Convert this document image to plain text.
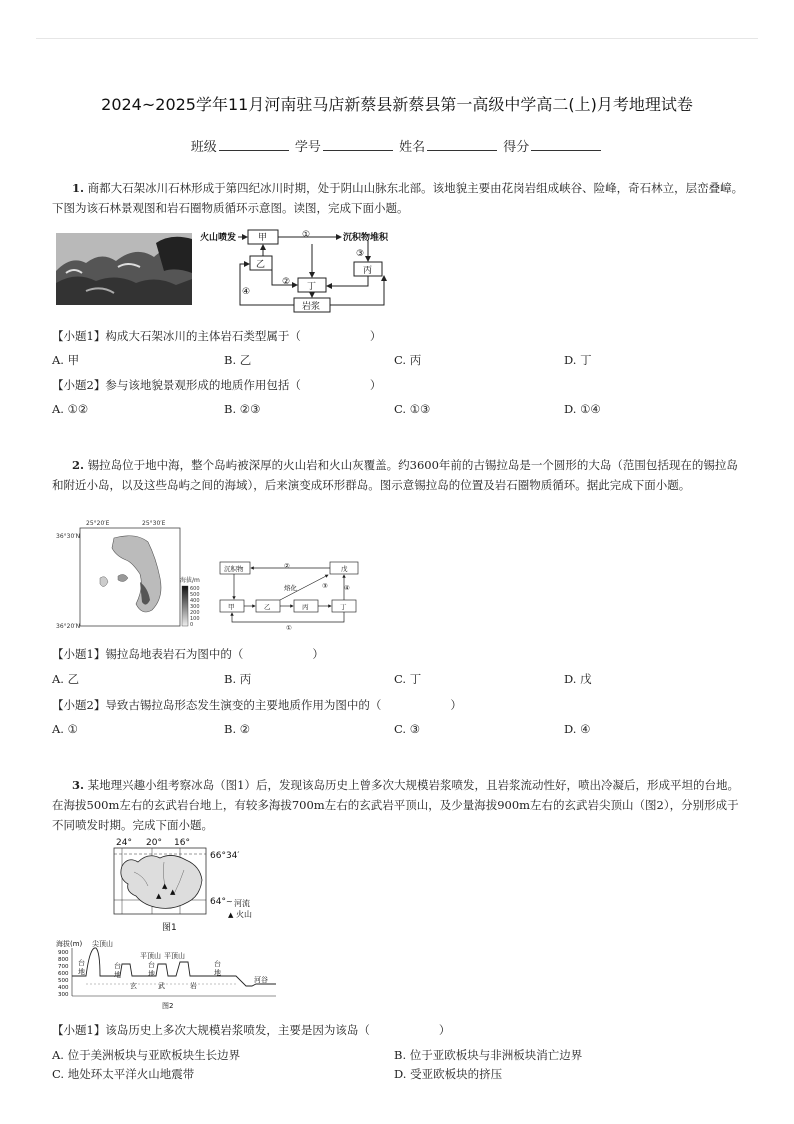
2024~2025学年11月河南驻马店新蔡县新蔡县第一高级中学高二(上)月考地理试卷
班级	学号	姓名	得分
1. 商都大石架冰川石林形成于第四纪冰川时期，处于阴山山脉东北部。该地貌主要由花岗岩组成峡谷、险峰，奇石林立，层峦叠嶂。下图为该石林景观图和岩石圈物质循环示意图。读图，完成下面小题。
火山喷发 甲	沉积物堆积
乙
丙
丁
岩浆
①
②
③
④
【小题1】构成大石架冰川的主体岩石类型属于（　　　　　　）
A. 甲	B. 乙	C. 丙	D. 丁
【小题2】参与该地貌景观形成的地质作用包括（　　　　　　）
A. ①②	B. ②③	C. ①③	D. ①④
2. 锡拉岛位于地中海，整个岛屿被深厚的火山岩和火山灰覆盖。约3600年前的古锡拉岛是一个圆形的大岛（范围包括现在的锡拉岛和附近小岛，以及这些岛屿之间的海域），后来演变成环形群岛。图示意锡拉岛的位置及岩石圈物质循环。据此完成下面小题。
25°20′E	25°30′E
36°30′N
36°20′N
海拔/m
600
500
400
300
200
100
0
沉积物	戊
甲	乙	丙	丁
熔化
②
③
①
④
【小题1】锡拉岛地表岩石为图中的（　　　　　　）
A. 乙	B. 丙	C. 丁	D. 戊
【小题2】导致古锡拉岛形态发生演变的主要地质作用为图中的（　　　　　　）
A. ①	B. ②	C. ③	D. ④
3. 某地理兴趣小组考察冰岛（图1）后，发现该岛历史上曾多次大规模岩浆喷发，且岩浆流动性好，喷出冷凝后，形成平坦的台地。在海拔500m左右的玄武岩台地上，有较多海拔700m左右的玄武岩平顶山，及少量海拔900m左右的玄武岩尖顶山（图2），分别形成于不同喷发时期。完成下面小题。
24° 20° 16°
66°34′
64°
图1
▲
▲
▲
~ 河流
▲ 火山
海拔(m) 尖顶山
900
800
700
600
500
400
300
台
地
台
地
平顶山
台
地
平顶山
台
地
河谷
玄	武	岩
图2
【小题1】该岛历史上多次大规模岩浆喷发，主要是因为该岛（　　　　　　）
A. 位于美洲板块与亚欧板块生长边界	B. 位于亚欧板块与非洲板块消亡边界
C. 地处环太平洋火山地震带	D. 受亚欧板块的挤压
